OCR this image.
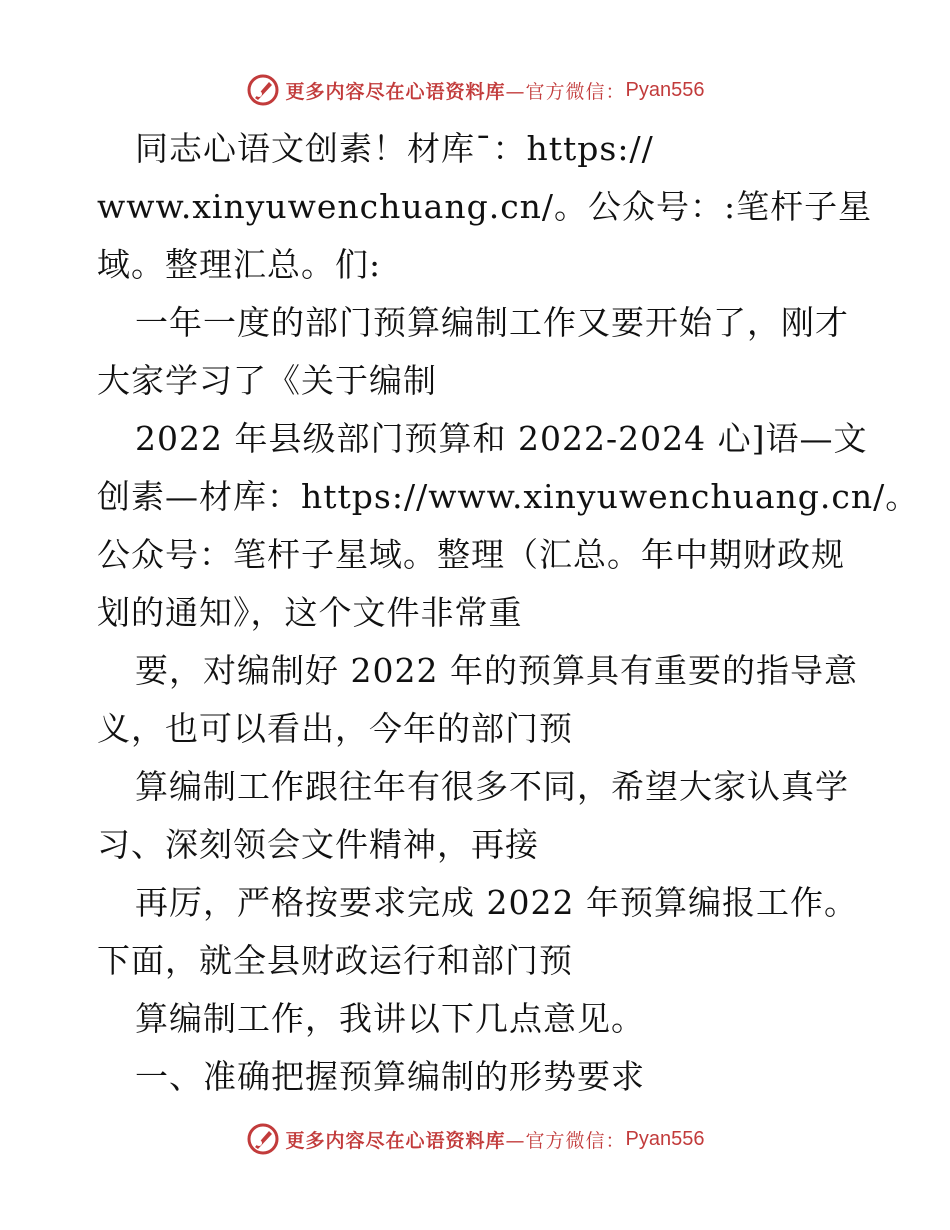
更多内容尽在心语资料库 —官方微信： Pyan556
同志心语文创素！材库¯：https://
www.xinyuwenchuang.cn/。公众号：:笔杆子星
域。整理汇总。们:
一年一度的部门预算编制工作又要开始了，刚才
大家学习了《关于编制
2022 年县级部门预算和 2022-2024 心]语—文
创素—材库：https://www.xinyuwenchuang.cn/。
公众号：笔杆子星域。整理（汇总。年中期财政规
划的通知》，这个文件非常重
要，对编制好 2022 年的预算具有重要的指导意
义，也可以看出，今年的部门预
算编制工作跟往年有很多不同，希望大家认真学
习、深刻领会文件精神，再接
再厉，严格按要求完成 2022 年预算编报工作。
下面，就全县财政运行和部门预
算编制工作，我讲以下几点意见。
一、准确把握预算编制的形势要求
更多内容尽在心语资料库 —官方微信： Pyan556
